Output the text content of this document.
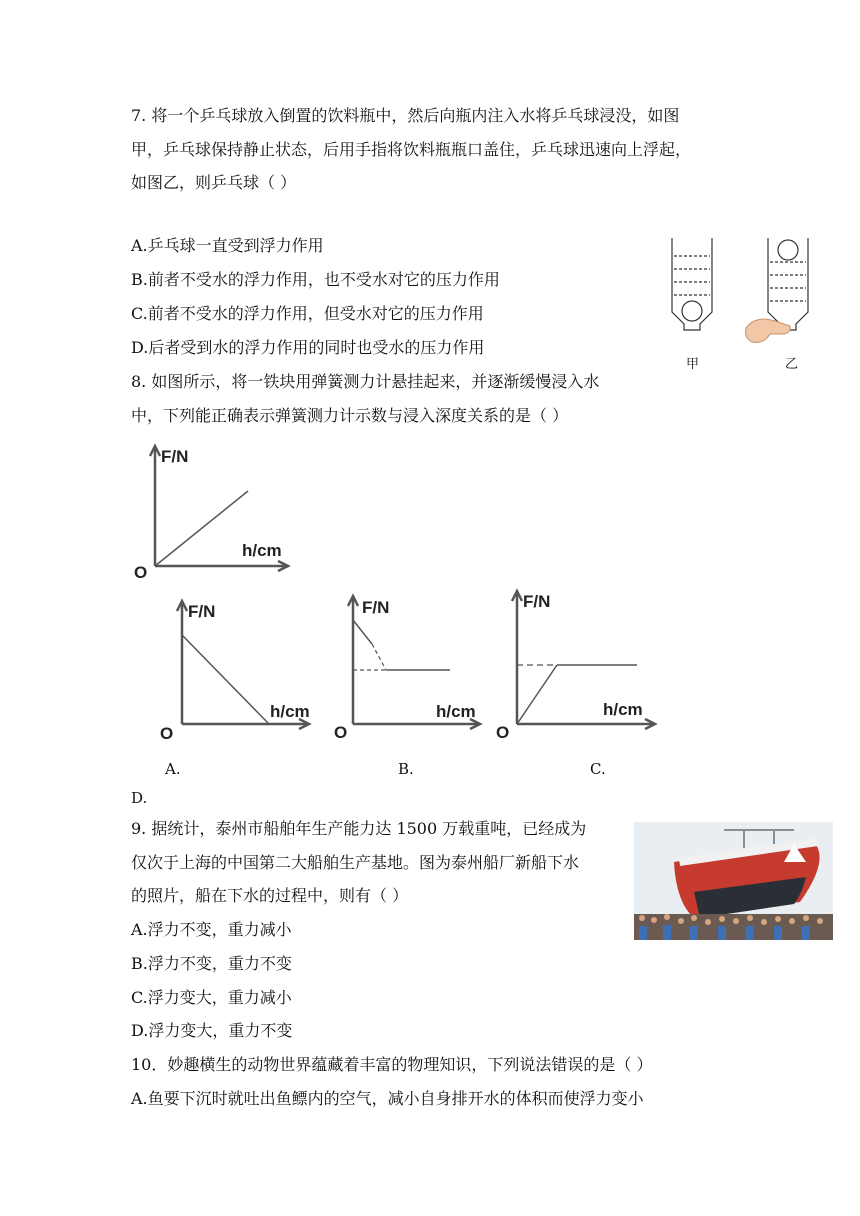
7. 将一个乒乓球放入倒置的饮料瓶中，然后向瓶内注入水将乒乓球浸没，如图
甲，乒乓球保持静止状态，后用手指将饮料瓶瓶口盖住，乒乓球迅速向上浮起，
如图乙，则乒乓球（ ）
A.乒乓球一直受到浮力作用
B.前者不受水的浮力作用，也不受水对它的压力作用
C.前者不受水的浮力作用，但受水对它的压力作用
D.后者受到水的浮力作用的同时也受水的压力作用
甲	乙
8. 如图所示，将一铁块用弹簧测力计悬挂起来，并逐渐缓慢浸入水
中，下列能正确表示弹簧测力计示数与浸入深度关系的是（ ）
F/N
h/cm
O
F/N
h/cm
O
F/N
h/cm
O
F/N
h/cm
O
A.	B.	C.
D.
9. 据统计，泰州市船舶年生产能力达 1500 万载重吨，已经成为
仅次于上海的中国第二大船舶生产基地。图为泰州船厂新船下水
的照片，船在下水的过程中，则有（ ）
A.浮力不变，重力减小
B.浮力不变，重力不变
C.浮力变大，重力减小
D.浮力变大，重力不变
10．妙趣横生的动物世界蕴藏着丰富的物理知识，下列说法错误的是（ ）
A.鱼要下沉时就吐出鱼鳔内的空气，减小自身排开水的体积而使浮力变小
